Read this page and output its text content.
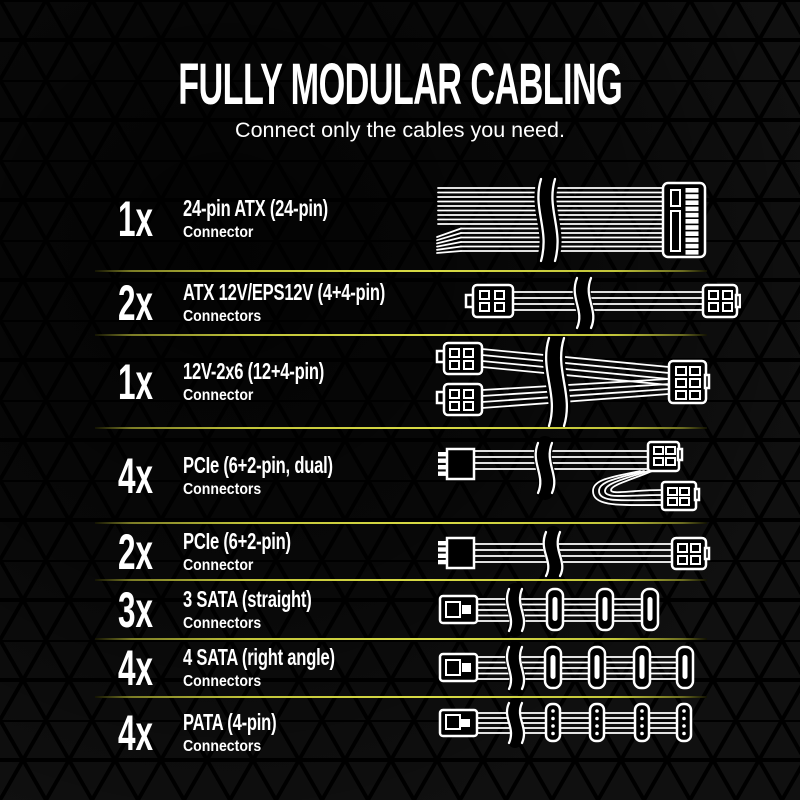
FULLY MODULAR CABLING

Connect only the cables you need.

1x 24-pin ATX (24-pin)
Connector
2x ATX 12V/EPS12V (4+4-pin)
Connectors
1x 12V-2x6 (12+4-pin)
Connector
4x PCIe (6+2-pin, dual)
Connectors
2x PCIe (6+2-pin)
Connector
3x 3 SATA (straight)
Connectors
4x 4 SATA (right angle)
Connectors
4x PATA (4-pin)
Connectors
